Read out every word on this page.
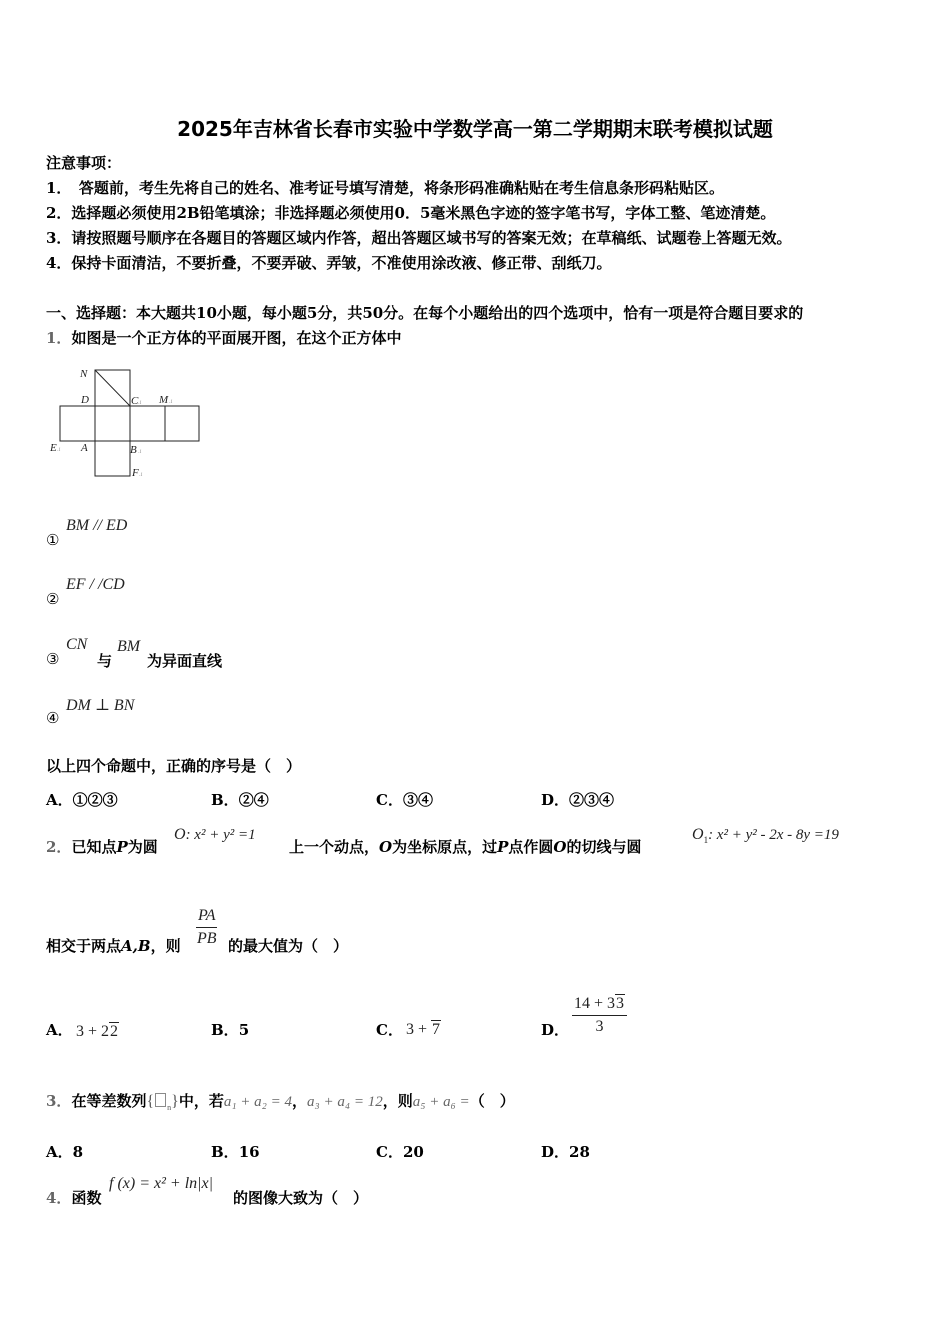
2025年吉林省长春市实验中学数学高一第二学期期末联考模拟试题
注意事项：
1．　答题前，考生先将自己的姓名、准考证号填写清楚，将条形码准确粘贴在考生信息条形码粘贴区。
2．选择题必须使用2B铅笔填涂；非选择题必须使用0．5毫米黑色字迹的签字笔书写，字体工整、笔迹清楚。
3．请按照题号顺序在各题目的答题区域内作答，超出答题区域书写的答案无效；在草稿纸、试题卷上答题无效。
4．保持卡面清洁，不要折叠，不要弄破、弄皱，不准使用涂改液、修正带、刮纸刀。
一、选择题：本大题共10小题，每小题5分，共50分。在每个小题给出的四个选项中，恰有一项是符合题目要求的
1．如图是一个正方体的平面展开图，在这个正方体中
N
D	C .1 M .1
E .1 A	B .1
F .1
①
BM // ED
②
EF / /CD
③
CN
与
BM
为异面直线
④
DM ⊥ BN
以上四个命题中，正确的序号是（　）
A．①②③	B．②④	C．③④	D．②③④
2．已知点P为圆
O: x² + y² =1
上一个动点，O为坐标原点，过P点作圆O的切线与圆
$O_1$: x² + y² - 2x - 8y =19
相交于两点A,B，则 $\frac{PA}{PB}$ 的最大值为（　）
A． 3 + 22	B．5	C． 3 + 7	D． $\frac{14 + 33}{3}$
3．在等差数列{ $_n$}中，若a₁ + a₂ = 4，a₃ + a₄ = 12，则a₅ + a₆ =（　）
A．8	B．16	C．20	D．28
4．函数
f (x) = x² + ln|x|
的图像大致为（　）
